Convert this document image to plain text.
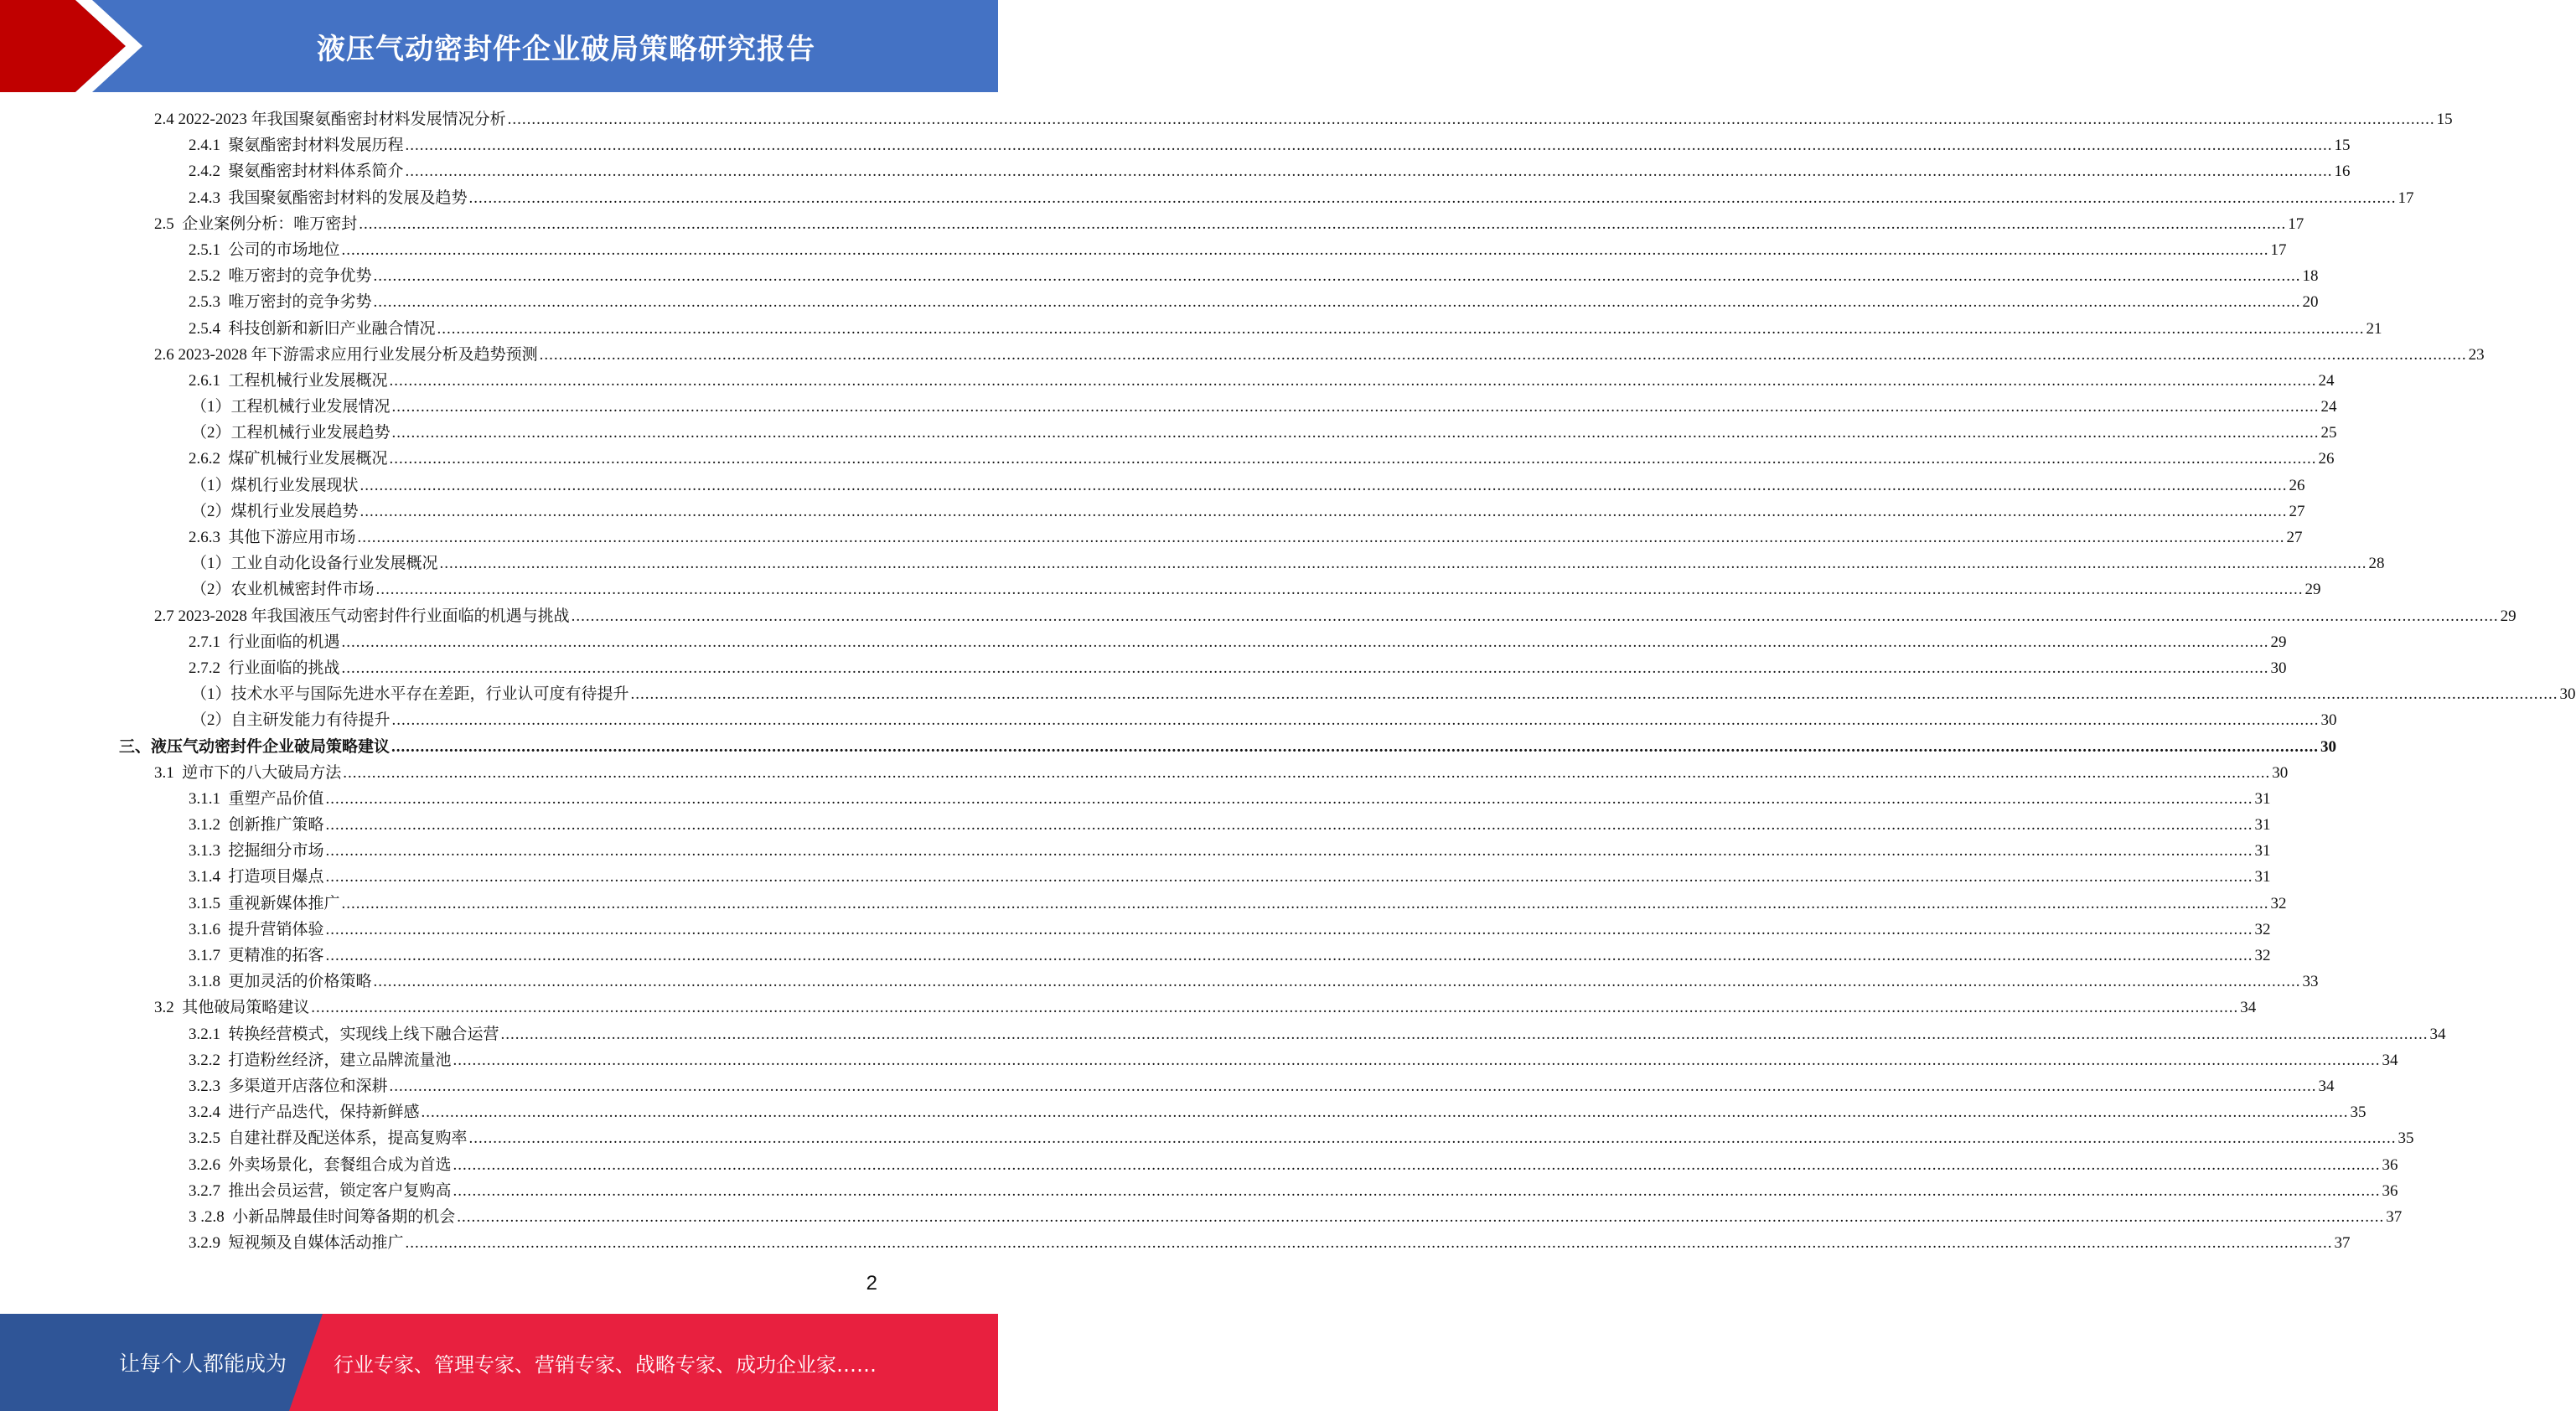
液压气动密封件企业破局策略研究报告
2.4 2022-2023 年我国聚氨酯密封材料发展情况分析 ................................................................................................................................................................................................................................................................................................................................................................................................................ 15
2.4.1  聚氨酯密封材料发展历程 ................................................................................................................................................................................................................................................................................................................................................................................................................ 15
2.4.2  聚氨酯密封材料体系简介 ................................................................................................................................................................................................................................................................................................................................................................................................................ 16
2.4.3  我国聚氨酯密封材料的发展及趋势 ................................................................................................................................................................................................................................................................................................................................................................................................................ 17
2.5  企业案例分析：唯万密封 ................................................................................................................................................................................................................................................................................................................................................................................................................ 17
2.5.1  公司的市场地位 ................................................................................................................................................................................................................................................................................................................................................................................................................ 17
2.5.2  唯万密封的竞争优势 ................................................................................................................................................................................................................................................................................................................................................................................................................ 18
2.5.3  唯万密封的竞争劣势 ................................................................................................................................................................................................................................................................................................................................................................................................................ 20
2.5.4  科技创新和新旧产业融合情况 ................................................................................................................................................................................................................................................................................................................................................................................................................ 21
2.6 2023-2028 年下游需求应用行业发展分析及趋势预测 ................................................................................................................................................................................................................................................................................................................................................................................................................ 23
2.6.1  工程机械行业发展概况 ................................................................................................................................................................................................................................................................................................................................................................................................................ 24
（1）工程机械行业发展情况 ................................................................................................................................................................................................................................................................................................................................................................................................................ 24
（2）工程机械行业发展趋势 ................................................................................................................................................................................................................................................................................................................................................................................................................ 25
2.6.2  煤矿机械行业发展概况 ................................................................................................................................................................................................................................................................................................................................................................................................................ 26
（1）煤机行业发展现状 ................................................................................................................................................................................................................................................................................................................................................................................................................ 26
（2）煤机行业发展趋势 ................................................................................................................................................................................................................................................................................................................................................................................................................ 27
2.6.3  其他下游应用市场 ................................................................................................................................................................................................................................................................................................................................................................................................................ 27
（1）工业自动化设备行业发展概况 ................................................................................................................................................................................................................................................................................................................................................................................................................ 28
（2）农业机械密封件市场 ................................................................................................................................................................................................................................................................................................................................................................................................................ 29
2.7 2023-2028 年我国液压气动密封件行业面临的机遇与挑战 ................................................................................................................................................................................................................................................................................................................................................................................................................ 29
2.7.1  行业面临的机遇 ................................................................................................................................................................................................................................................................................................................................................................................................................ 29
2.7.2  行业面临的挑战 ................................................................................................................................................................................................................................................................................................................................................................................................................ 30
（1）技术水平与国际先进水平存在差距，行业认可度有待提升 ................................................................................................................................................................................................................................................................................................................................................................................................................ 30
（2）自主研发能力有待提升 ................................................................................................................................................................................................................................................................................................................................................................................................................ 30
三、液压气动密封件企业破局策略建议 ................................................................................................................................................................................................................................................................................................................................................................................................................ 30
3.1  逆市下的八大破局方法 ................................................................................................................................................................................................................................................................................................................................................................................................................ 30
3.1.1  重塑产品价值 ................................................................................................................................................................................................................................................................................................................................................................................................................ 31
3.1.2  创新推广策略 ................................................................................................................................................................................................................................................................................................................................................................................................................ 31
3.1.3  挖掘细分市场 ................................................................................................................................................................................................................................................................................................................................................................................................................ 31
3.1.4  打造项目爆点 ................................................................................................................................................................................................................................................................................................................................................................................................................ 31
3.1.5  重视新媒体推广 ................................................................................................................................................................................................................................................................................................................................................................................................................ 32
3.1.6  提升营销体验 ................................................................................................................................................................................................................................................................................................................................................................................................................ 32
3.1.7  更精准的拓客 ................................................................................................................................................................................................................................................................................................................................................................................................................ 32
3.1.8  更加灵活的价格策略 ................................................................................................................................................................................................................................................................................................................................................................................................................ 33
3.2  其他破局策略建议 ................................................................................................................................................................................................................................................................................................................................................................................................................ 34
3.2.1  转换经营模式，实现线上线下融合运营 ................................................................................................................................................................................................................................................................................................................................................................................................................ 34
3.2.2  打造粉丝经济，建立品牌流量池 ................................................................................................................................................................................................................................................................................................................................................................................................................ 34
3.2.3  多渠道开店落位和深耕 ................................................................................................................................................................................................................................................................................................................................................................................................................ 34
3.2.4  进行产品迭代，保持新鲜感 ................................................................................................................................................................................................................................................................................................................................................................................................................ 35
3.2.5  自建社群及配送体系，提高复购率 ................................................................................................................................................................................................................................................................................................................................................................................................................ 35
3.2.6  外卖场景化，套餐组合成为首选 ................................................................................................................................................................................................................................................................................................................................................................................................................ 36
3.2.7  推出会员运营，锁定客户复购高 ................................................................................................................................................................................................................................................................................................................................................................................................................ 36
3 .2.8  小新品牌最佳时间筹备期的机会 ................................................................................................................................................................................................................................................................................................................................................................................................................ 37
3.2.9  短视频及自媒体活动推广 ................................................................................................................................................................................................................................................................................................................................................................................................................ 37
2
让每个人都能成为 行业专家、管理专家、营销专家、战略专家、成功企业家……
